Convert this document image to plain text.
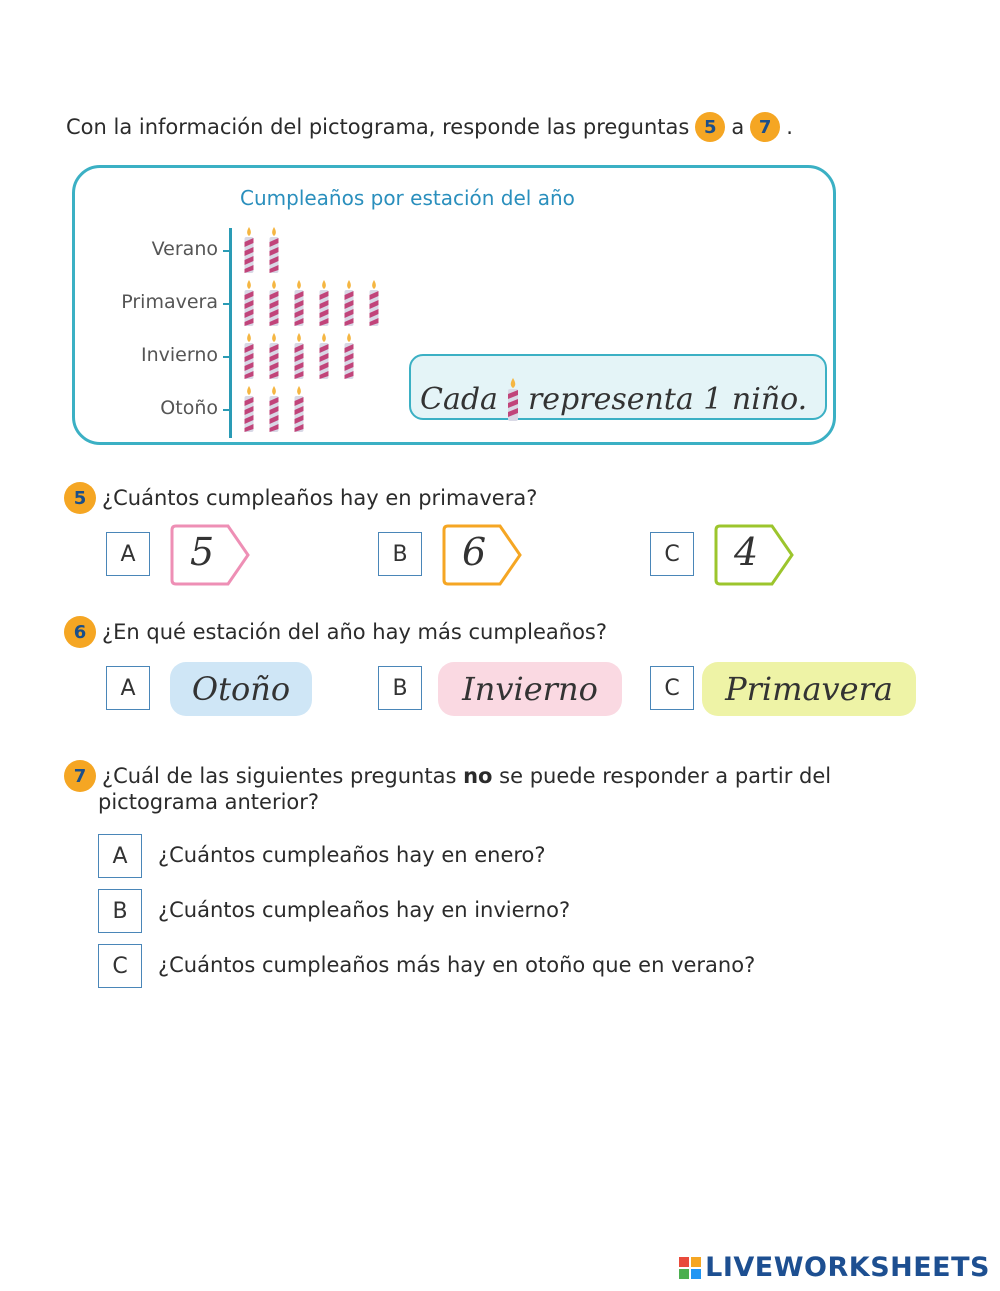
Con la información del pictograma, responde las preguntas 5 a 7 .
Cumpleaños por estación del año
Verano
Primavera
Invierno
Otoño	Cada representa 1 niño.
5 ¿Cuántos cumpleaños hay en primavera?
A	5	B	6	C	4
6 ¿En qué estación del año hay más cumpleaños?
A	Otoño	B	Invierno	C	Primavera
7 ¿Cuál de las siguientes preguntas no se puede responder a partir del
pictograma anterior?
A	¿Cuántos cumpleaños hay en enero?
B	¿Cuántos cumpleaños hay en invierno?
C	¿Cuántos cumpleaños más hay en otoño que en verano?
LIVEWORKSHEETS
